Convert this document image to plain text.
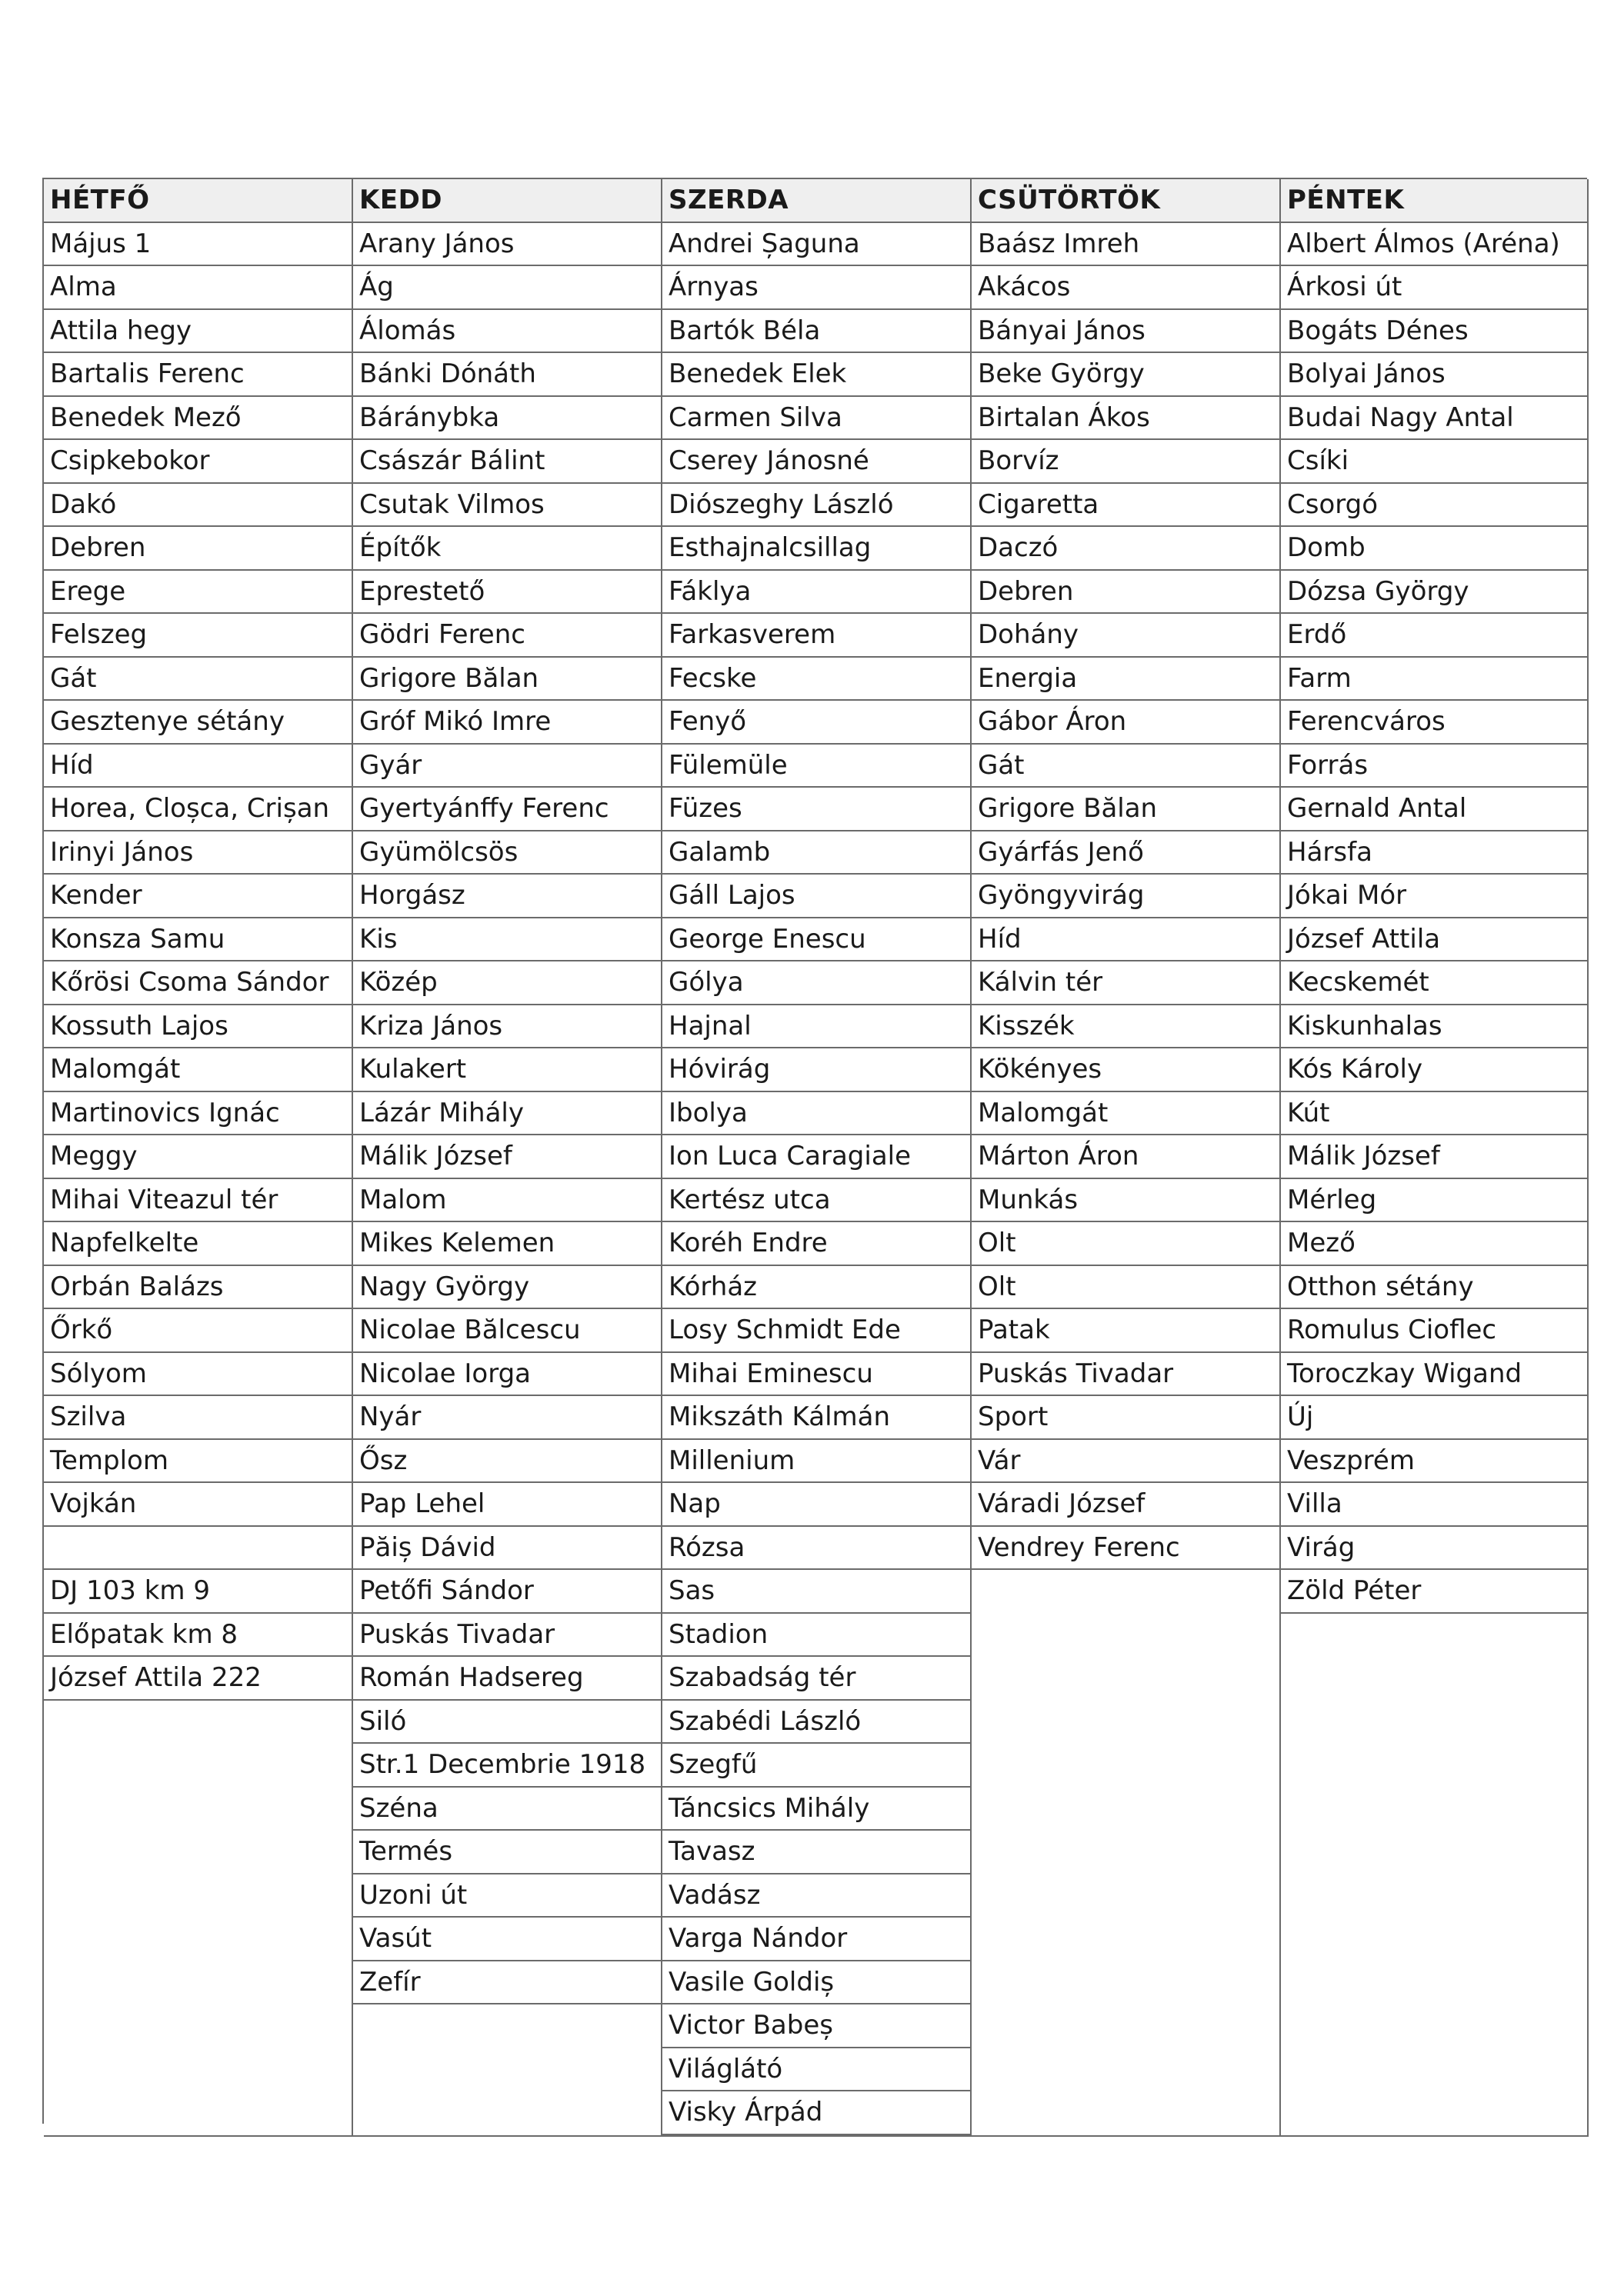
HÉTFŐ
Május 1
Alma
Attila hegy
Bartalis Ferenc
Benedek Mező
Csipkebokor
Dakó
Debren
Erege
Felszeg
Gát
Gesztenye sétány
Híd
Horea, Cloșca, Crișan
Irinyi János
Kender
Konsza Samu
Kőrösi Csoma Sándor
Kossuth Lajos
Malomgát
Martinovics Ignác
Meggy
Mihai Viteazul tér
Napfelkelte
Orbán Balázs
Őrkő
Sólyom
Szilva
Templom
Vojkán
DJ 103 km 9
Előpatak km 8
József Attila 222
KEDD
Arany János
Ág
Álomás
Bánki Dónáth
Báránybka
Császár Bálint
Csutak Vilmos
Építők
Eprestető
Gödri Ferenc
Grigore Bălan
Gróf Mikó Imre
Gyár
Gyertyánffy Ferenc
Gyümölcsös
Horgász
Kis
Közép
Kriza János
Kulakert
Lázár Mihály
Málik József
Malom
Mikes Kelemen
Nagy György
Nicolae Bălcescu
Nicolae Iorga
Nyár
Ősz
Pap Lehel
Păiș Dávid
Petőfi Sándor
Puskás Tivadar
Román Hadsereg
Siló
Str.1 Decembrie 1918
Széna
Termés
Uzoni út
Vasút
Zefír
SZERDA
Andrei Șaguna
Árnyas
Bartók Béla
Benedek Elek
Carmen Silva
Cserey Jánosné
Diószeghy László
Esthajnalcsillag
Fáklya
Farkasverem
Fecske
Fenyő
Fülemüle
Füzes
Galamb
Gáll Lajos
George Enescu
Gólya
Hajnal
Hóvirág
Ibolya
Ion Luca Caragiale
Kertész utca
Koréh Endre
Kórház
Losy Schmidt Ede
Mihai Eminescu
Mikszáth Kálmán
Millenium
Nap
Rózsa
Sas
Stadion
Szabadság tér
Szabédi László
Szegfű
Táncsics Mihály
Tavasz
Vadász
Varga Nándor
Vasile Goldiș
Victor Babeș
Világlátó
Visky Árpád
CSÜTÖRTÖK
Baász Imreh
Akácos
Bányai János
Beke György
Birtalan Ákos
Borvíz
Cigaretta
Daczó
Debren
Dohány
Energia
Gábor Áron
Gát
Grigore Bălan
Gyárfás Jenő
Gyöngyvirág
Híd
Kálvin tér
Kisszék
Kökényes
Malomgát
Márton Áron
Munkás
Olt
Olt
Patak
Puskás Tivadar
Sport
Vár
Váradi József
Vendrey Ferenc
PÉNTEK
Albert Álmos (Aréna)
Árkosi út
Bogáts Dénes
Bolyai János
Budai Nagy Antal
Csíki
Csorgó
Domb
Dózsa György
Erdő
Farm
Ferencváros
Forrás
Gernald Antal
Hársfa
Jókai Mór
József Attila
Kecskemét
Kiskunhalas
Kós Károly
Kút
Málik József
Mérleg
Mező
Otthon sétány
Romulus Cioflec
Toroczkay Wigand
Új
Veszprém
Villa
Virág
Zöld Péter
